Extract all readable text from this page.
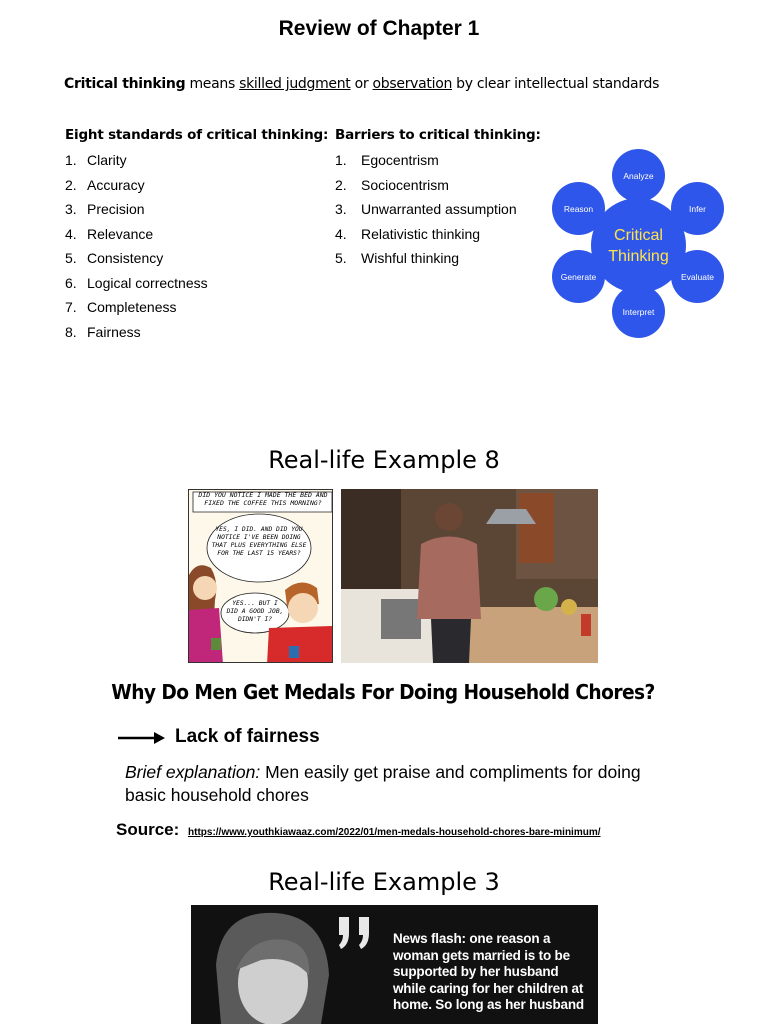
Review of Chapter 1
Critical thinking means skilled judgment or observation by clear intellectual standards
Eight standards of critical thinking:
1. Clarity
2. Accuracy
3. Precision
4. Relevance
5. Consistency
6. Logical correctness
7. Completeness
8. Fairness
Barriers to critical thinking:
1. Egocentrism
2. Sociocentrism
3. Unwarranted assumption
4. Relativistic thinking
5. Wishful thinking
Analyze
Infer
Evaluate
Interpret
Generate
Reason
Critical
Thinking
Real-life Example 8
DID YOU NOTICE I MADE THE BED AND FIXED THE COFFEE THIS MORNING?
YES, I DID. AND DID YOU NOTICE I'VE BEEN DOING THAT PLUS EVERYTHING ELSE FOR THE LAST 15 YEARS?
YES... BUT I DID A GOOD JOB, DIDN'T I?
Why Do Men Get Medals For Doing Household Chores?
Lack of fairness
Brief explanation: Men easily get praise and compliments for doing basic household chores
Source: https://www.youthkiawaaz.com/2022/01/men-medals-household-chores-bare-minimum/
Real-life Example 3
News flash: one reason a woman gets married is to be supported by her husband while caring for her children at home. So long as her husband
